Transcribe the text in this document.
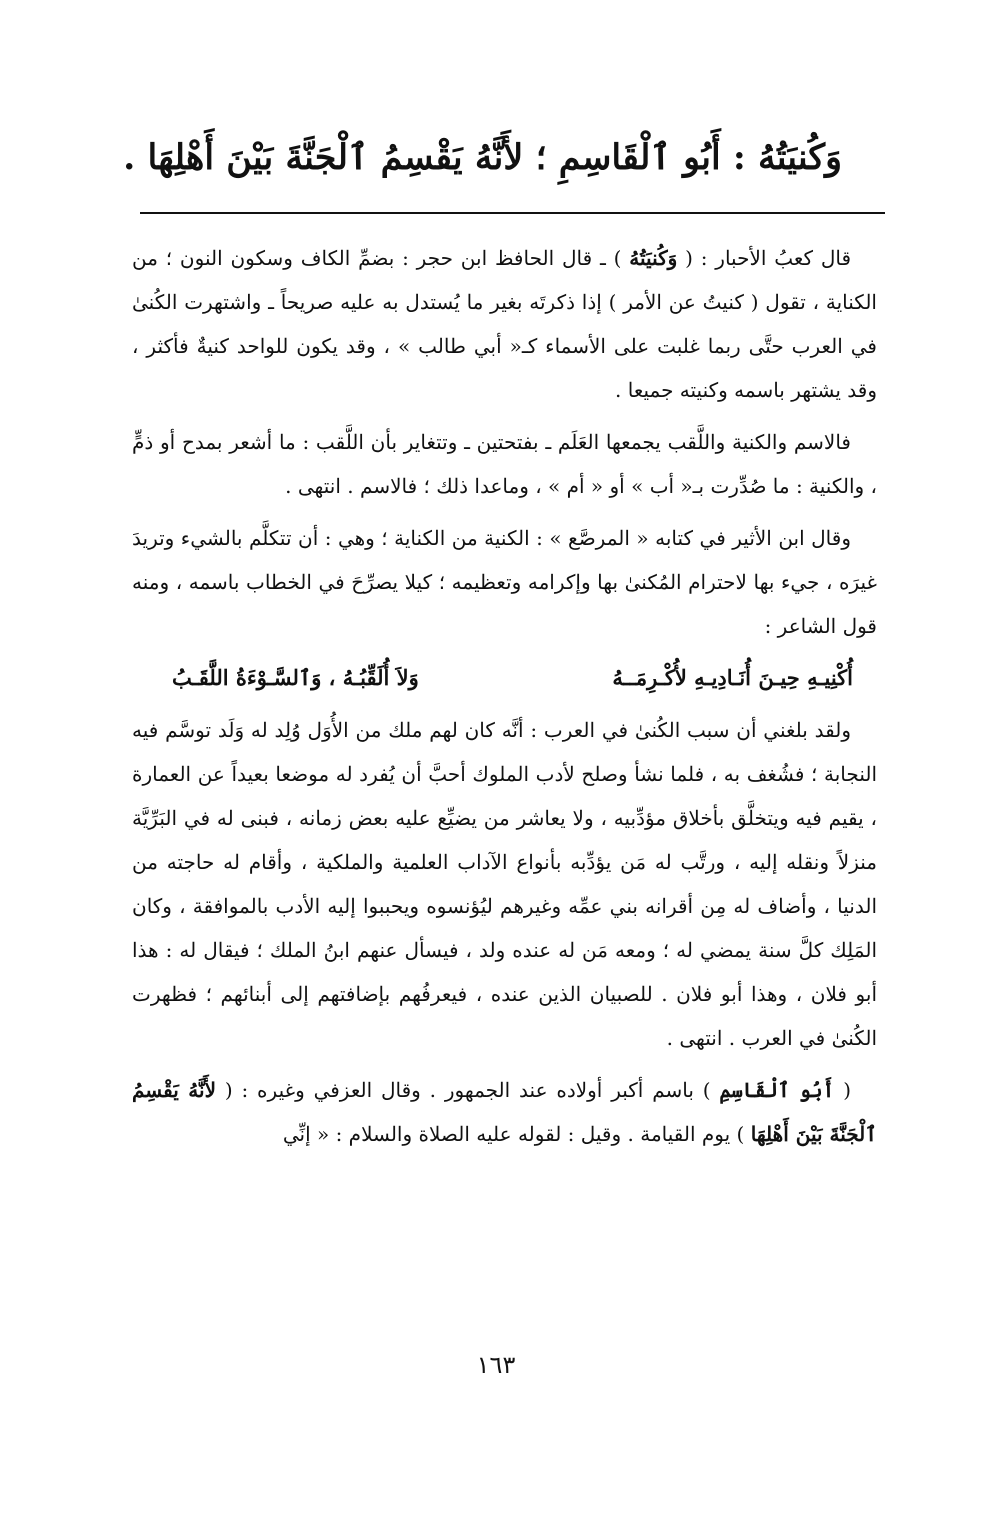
وَكُنيَتُهُ : أَبُو ٱلْقَاسِمِ ؛ لأَنَّهُ يَقْسِمُ ٱلْجَنَّةَ بَيْنَ أَهْلِهَا .

قال كعبُ الأحبار : ( وَكُنيَتُهُ ) ـ قال الحافظ ابن حجر : بضمِّ الكاف وسكون النون ؛ من الكناية ، تقول ( كنيتُ عن الأمر ) إذا ذكرتَه بغير ما يُستدل به عليه صريحاً ـ واشتهرت الكُنىٰ في العرب حتَّى ربما غلبت على الأسماء كـ« أبي طالب » ، وقد يكون للواحد كنيةٌ فأكثر ، وقد يشتهر باسمه وكنيته جميعا .

فالاسم والكنية واللَّقب يجمعها العَلَم ـ بفتحتين ـ وتتغاير بأن اللَّقب : ما أشعر بمدح أو ذمٍّ ، والكنية : ما صُدِّرت بـ« أب » أو « أم » ، وماعدا ذلك ؛ فالاسم . انتهى .

وقال ابن الأثير في كتابه « المرصَّع » : الكنية من الكناية ؛ وهي : أن تتكلَّم بالشيء وتريدَ غيرَه ، جيء بها لاحترام المُكنىٰ بها وإكرامه وتعظيمه ؛ كيلا يصرِّحَ في الخطاب باسمه ، ومنه قول الشاعر :

أُكْنِيـهِ حِيـنَ أُنَـادِيـهِ لأُكْـرِمَــهُ
وَلاَ أُلَقِّبُـهُ ، وَٱلسَّـوْءَةُ اللَّقَـبُ

ولقد بلغني أن سبب الكُنىٰ في العرب : أنَّه كان لهم ملك من الأُوَل وُلِد له وَلَد توسَّم فيه النجابة ؛ فشُغف به ، فلما نشأ وصلح لأدب الملوك أحبَّ أن يُفرد له موضعا بعيداً عن العمارة ، يقيم فيه ويتخلَّق بأخلاق مؤدِّبيه ، ولا يعاشر من يضيِّع عليه بعض زمانه ، فبنى له في البَرِّيَّة منزلاً ونقله إليه ، ورتَّب له مَن يؤدِّبه بأنواع الآداب العلمية والملكية ، وأقام له حاجته من الدنيا ، وأضاف له مِن أقرانه بني عمِّه وغيرهم ليُؤنسوه ويحببوا إليه الأدب بالموافقة ، وكان المَلِك كلَّ سنة يمضي له ؛ ومعه مَن له عنده ولد ، فيسأل عنهم ابنُ الملك ؛ فيقال له : هذا أبو فلان ، وهذا أبو فلان . للصبيان الذين عنده ، فيعرفُهم بإضافتهم إلى أبنائهم ؛ فظهرت الكُنىٰ في العرب . انتهى .

( أَبُو ٱلْقَاسِمِ ) باسم أكبر أولاده عند الجمهور . وقال العزفي وغيره : ( لأَنَّهُ يَقْسِمُ ٱلْجَنَّةَ بَيْنَ أَهْلِهَا ) يوم القيامة . وقيل : لقوله عليه الصلاة والسلام : « إنِّي

١٦٣
